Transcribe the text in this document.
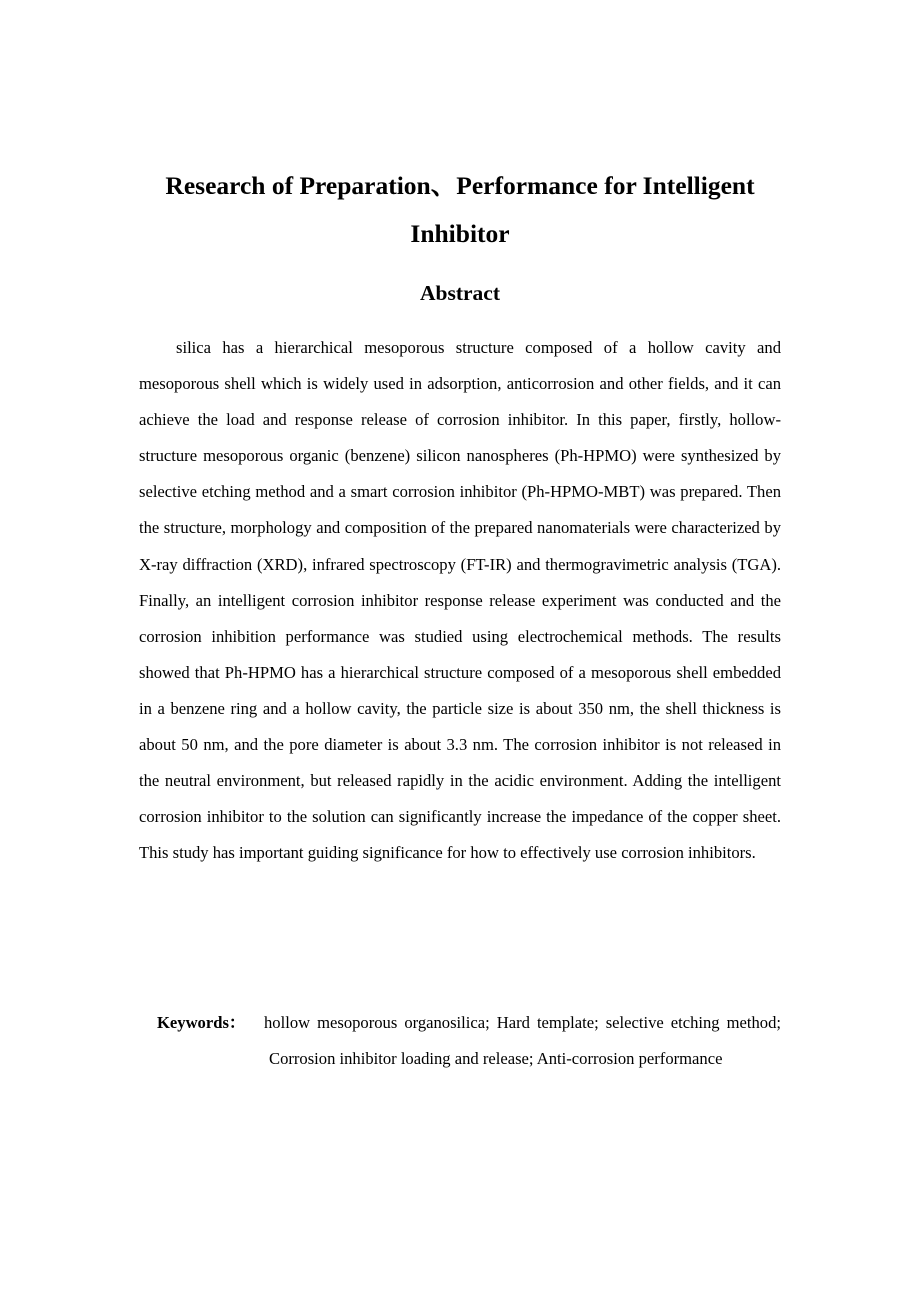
Research of Preparation、Performance for Intelligent
Inhibitor
Abstract

silica has a hierarchical mesoporous structure composed of a hollow cavity and mesoporous shell which is widely used in adsorption, anticorrosion and other fields, and it can achieve the load and response release of corrosion inhibitor. In this paper, firstly, hollow-structure mesoporous organic (benzene) silicon nanospheres (Ph-HPMO) were synthesized by selective etching method and a smart corrosion inhibitor (Ph-HPMO-MBT) was prepared. Then the structure, morphology and composition of the prepared nanomaterials were characterized by X-ray diffraction (XRD), infrared spectroscopy (FT-IR) and thermogravimetric analysis (TGA). Finally, an intelligent corrosion inhibitor response release experiment was conducted and the corrosion inhibition performance was studied using electrochemical methods. The results showed that Ph-HPMO has a hierarchical structure composed of a mesoporous shell embedded in a benzene ring and a hollow cavity, the particle size is about 350 nm, the shell thickness is about 50 nm, and the pore diameter is about 3.3 nm. The corrosion inhibitor is not released in the neutral environment, but released rapidly in the acidic environment. Adding the intelligent corrosion inhibitor to the solution can significantly increase the impedance of the copper sheet. This study has important guiding significance for how to effectively use corrosion inhibitors.

Keywords： hollow mesoporous organosilica; Hard template; selective etching method; Corrosion inhibitor loading and release; Anti-corrosion performance
